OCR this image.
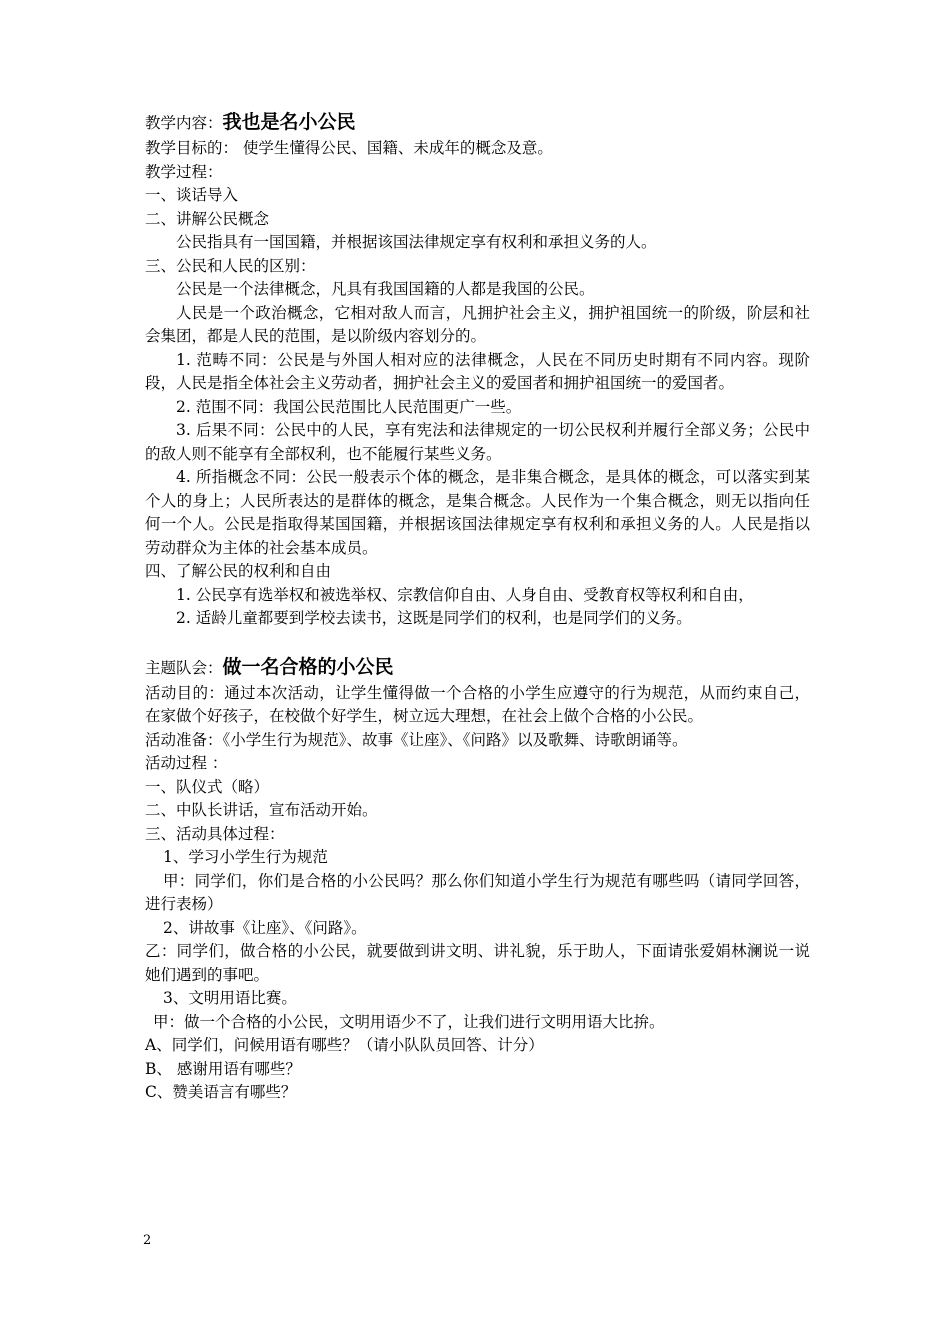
教学内容：我也是名小公民
教学目标的： 使学生懂得公民、国籍、未成年的概念及意。
教学过程：
一、谈话导入
二、讲解公民概念
公民指具有一国国籍，并根据该国法律规定享有权利和承担义务的人。
三、公民和人民的区别：
公民是一个法律概念，凡具有我国国籍的人都是我国的公民。
人民是一个政治概念，它相对敌人而言，凡拥护社会主义，拥护祖国统一的阶级，阶层和社会集团，都是人民的范围，是以阶级内容划分的。
1. 范畴不同：公民是与外国人相对应的法律概念，人民在不同历史时期有不同内容。现阶段，人民是指全体社会主义劳动者，拥护社会主义的爱国者和拥护祖国统一的爱国者。
2. 范围不同：我国公民范围比人民范围更广一些。
3. 后果不同：公民中的人民，享有宪法和法律规定的一切公民权利并履行全部义务；公民中的敌人则不能享有全部权利，也不能履行某些义务。
4. 所指概念不同：公民一般表示个体的概念，是非集合概念，是具体的概念，可以落实到某个人的身上；人民所表达的是群体的概念，是集合概念。人民作为一个集合概念，则无以指向任何一个人。公民是指取得某国国籍，并根据该国法律规定享有权利和承担义务的人。人民是指以劳动群众为主体的社会基本成员。
四、了解公民的权利和自由
1. 公民享有选举权和被选举权、宗教信仰自由、人身自由、受教育权等权利和自由，
2. 适龄儿童都要到学校去读书，这既是同学们的权利，也是同学们的义务。
主题队会：做一名合格的小公民
活动目的：通过本次活动，让学生懂得做一个合格的小学生应遵守的行为规范，从而约束自己，在家做个好孩子，在校做个好学生，树立远大理想，在社会上做个合格的小公民。
活动准备：《小学生行为规范》、故事《让座》、《问路》以及歌舞、诗歌朗诵等。
活动过程 ：
一、队仪式（略）
二、中队长讲话，宣布活动开始。
三、活动具体过程：
1、学习小学生行为规范
甲：同学们，你们是合格的小公民吗？那么你们知道小学生行为规范有哪些吗（请同学回答，进行表杨）
2、讲故事《让座》、《问路》。
乙：同学们，做合格的小公民，就要做到讲文明、讲礼貌，乐于助人，下面请张爱娟林澜说一说她们遇到的事吧。
3、文明用语比赛。
甲：做一个合格的小公民，文明用语少不了，让我们进行文明用语大比拚。
A、同学们，问候用语有哪些？（请小队队员回答、计分）
B、 感谢用语有哪些？
C、赞美语言有哪些？
2
